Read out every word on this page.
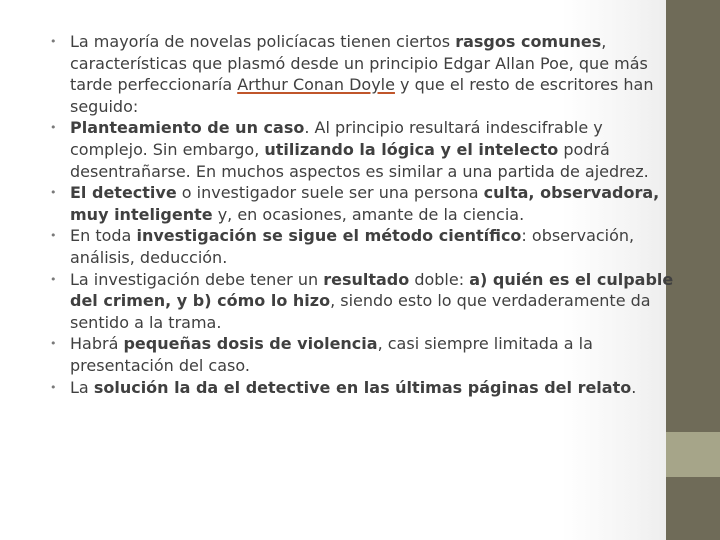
• La mayoría de novelas policíacas tienen ciertos rasgos comunes, características que plasmó desde un principio Edgar Allan Poe, que más tarde perfeccionaría Arthur Conan Doyle y que el resto de escritores han seguido:
• Planteamiento de un caso. Al principio resultará indescifrable y complejo. Sin embargo, utilizando la lógica y el intelecto podrá desentrañarse. En muchos aspectos es similar a una partida de ajedrez.
• El detective o investigador suele ser una persona culta, observadora, muy inteligente y, en ocasiones, amante de la ciencia.
• En toda investigación se sigue el método científico: observación, análisis, deducción.
• La investigación debe tener un resultado doble: a) quién es el culpable del crimen, y b) cómo lo hizo, siendo esto lo que verdaderamente da sentido a la trama.
• Habrá pequeñas dosis de violencia, casi siempre limitada a la presentación del caso.
• La solución la da el detective en las últimas páginas del relato.
